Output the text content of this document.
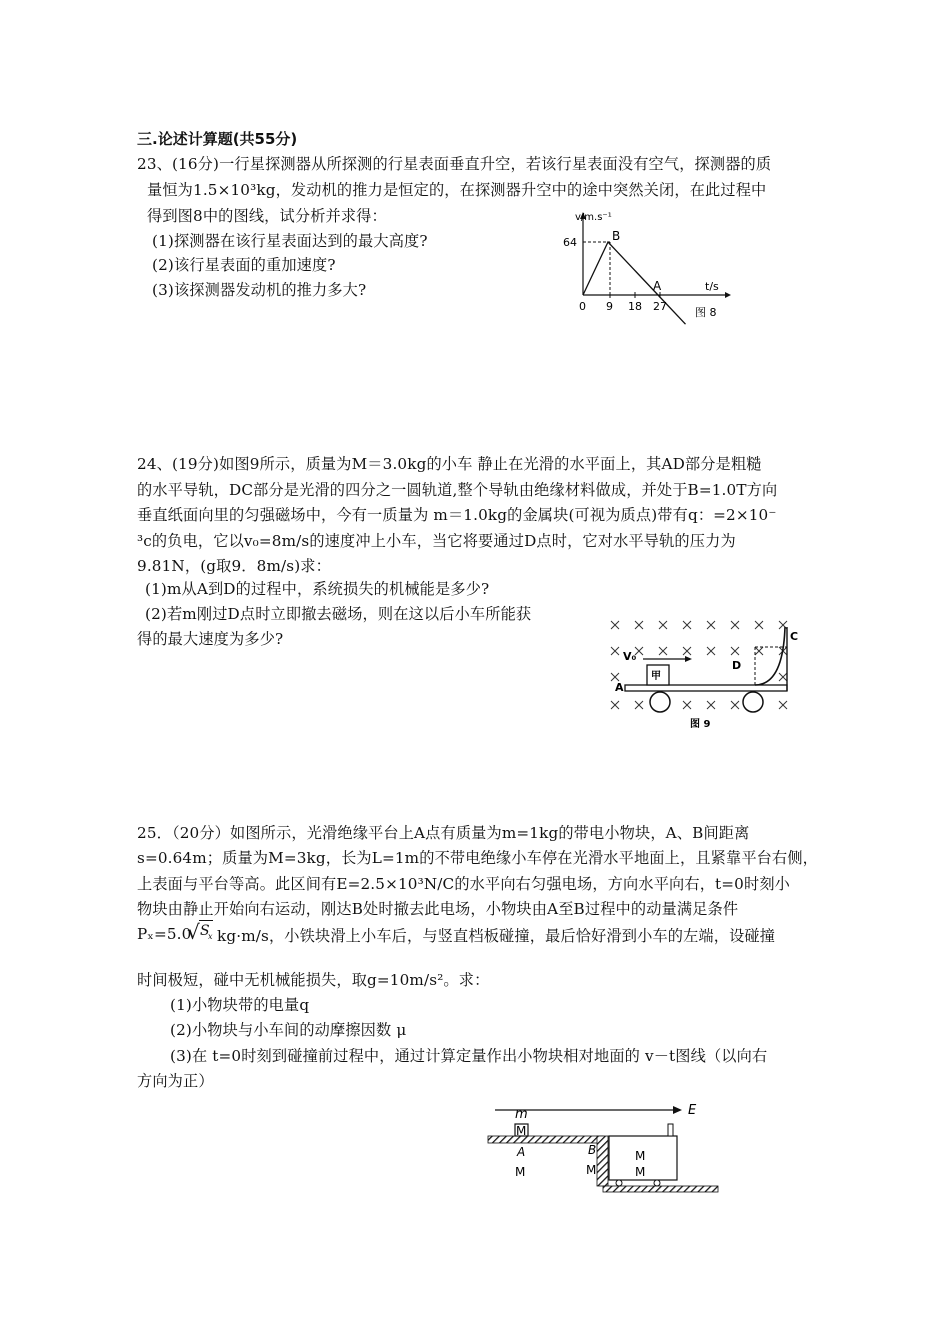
三.论述计算题(共55分)
23、(16分)一行星探测器从所探测的行星表面垂直升空，若该行星表面没有空气，探测器的质
量恒为1.5×10³kg，发动机的推力是恒定的，在探测器升空中的途中突然关闭，在此过程中
得到图8中的图线，试分析并求得：
(1)探测器在该行星表面达到的最大高度?
(2)该行星表面的重加速度?
(3)该探测器发动机的推力多大?
v/m.s⁻¹
64
t/s
0 9 18 27
B
A
图 8
24、(19分)如图9所示，质量为M＝3.0kg的小车 静止在光滑的水平面上，其AD部分是粗糙
的水平导轨，DC部分是光滑的四分之一圆轨道,整个导轨由绝缘材料做成，并处于B=1.0T方向
垂直纸面向里的匀强磁场中，今有一质量为 m＝1.0kg的金属块(可视为质点)带有q：=2×10⁻
³c的负电，它以v₀=8m/s的速度冲上小车，当它将要通过D点时，它对水平导轨的压力为
9.81N，(g取9．8m/s)求：
(1)m从A到D的过程中，系统损失的机械能是多少?
(2)若m刚过D点时立即撤去磁场，则在这以后小车所能获
得的最大速度为多少?
甲
V₀
A
D
C
图 9
25．（20分）如图所示，光滑绝缘平台上A点有质量为m=1kg的带电小物块，A、B间距离
s=0.64m；质量为M=3kg，长为L=1m的不带电绝缘小车停在光滑水平地面上，且紧靠平台右侧，
上表面与平台等高。此区间有E=2.5×10³N/C的水平向右匀强电场，方向水平向右，t=0时刻小
物块由静止开始向右运动，刚达B处时撤去此电场，小物块由A至B过程中的动量满足条件
Pₓ=5.0
√ S
x kg·m/s，小铁块滑上小车后，与竖直档板碰撞，最后恰好滑到小车的左端，设碰撞
时间极短，碰中无机械能损失，取g=10m/s²。求：
(1)小物块带的电量q
(2)小物块与小车间的动摩擦因数 μ
(3)在 t=0时刻到碰撞前过程中，通过计算定量作出小物块相对地面的 v－t图线（以向右
方向为正）
E
m
M
A
M
B
M
M
M
